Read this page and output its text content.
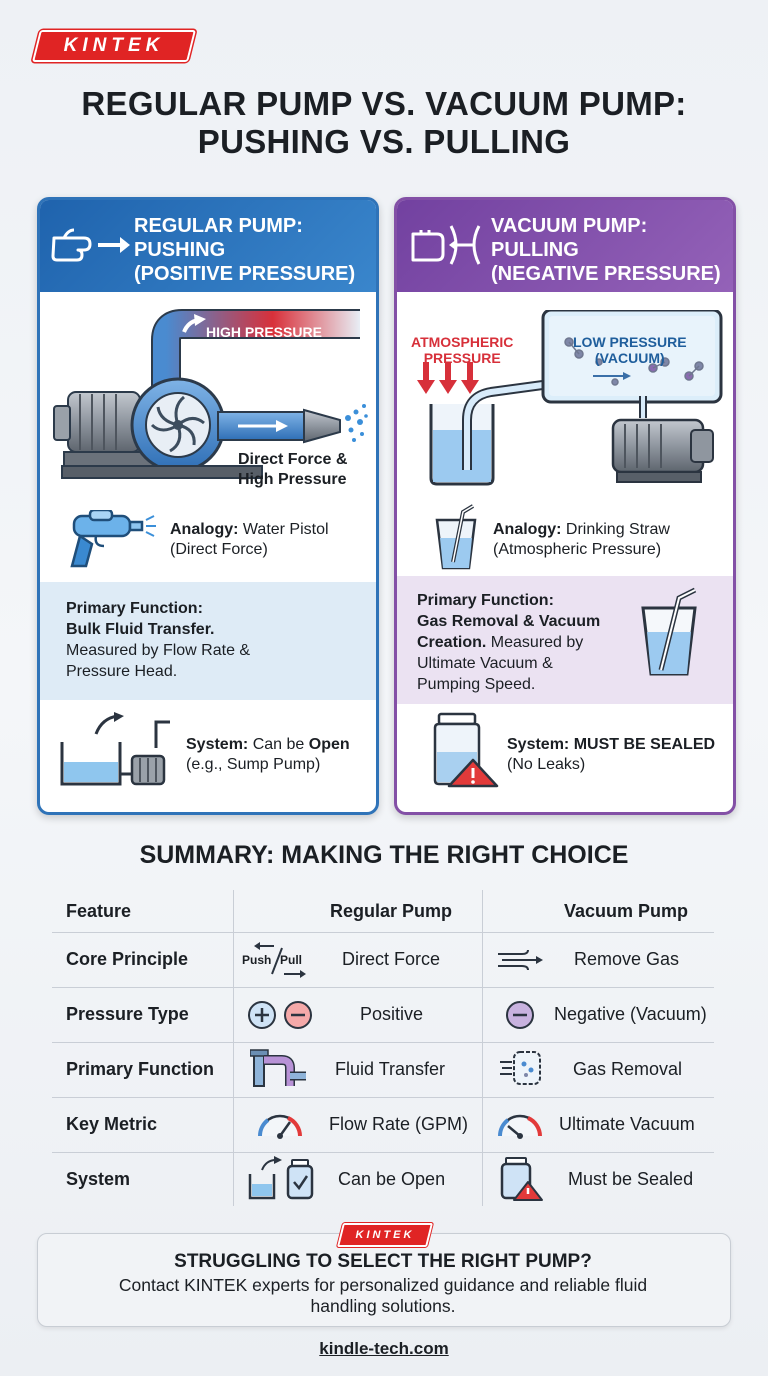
KINTEK
REGULAR PUMP VS. VACUUM PUMP: PUSHING VS. PULLING
REGULAR PUMP:
PUSHING
(POSITIVE PRESSURE)
HIGH PRESSURE
Direct Force &
High Pressure
Analogy: Water Pistol
(Direct Force)
Primary Function:
Bulk Fluid Transfer.
Measured by Flow Rate &
Pressure Head.
System: Can be Open
(e.g., Sump Pump)
VACUUM PUMP:
PULLING
(NEGATIVE PRESSURE)
ATMOSPHERIC
PRESSURE
LOW PRESSURE
(VACUUM)
Analogy: Drinking Straw
(Atmospheric Pressure)
Primary Function:
Gas Removal & Vacuum
Creation. Measured by
Ultimate Vacuum &
Pumping Speed.
System: MUST BE SEALED
(No Leaks)
SUMMARY: MAKING THE RIGHT CHOICE
Feature	Regular Pump	Vacuum Pump
Core Principle	Push Pull Direct Force	Remove Gas
Pressure Type	Positive	Negative (Vacuum)
Primary Function	Fluid Transfer	Gas Removal
Key Metric	Flow Rate (GPM)	Ultimate Vacuum
System	Can be Open	Must be Sealed
KINTEK
STRUGGLING TO SELECT THE RIGHT PUMP?
Contact KINTEK experts for personalized guidance and reliable fluid handling solutions.
kindle-tech.com
